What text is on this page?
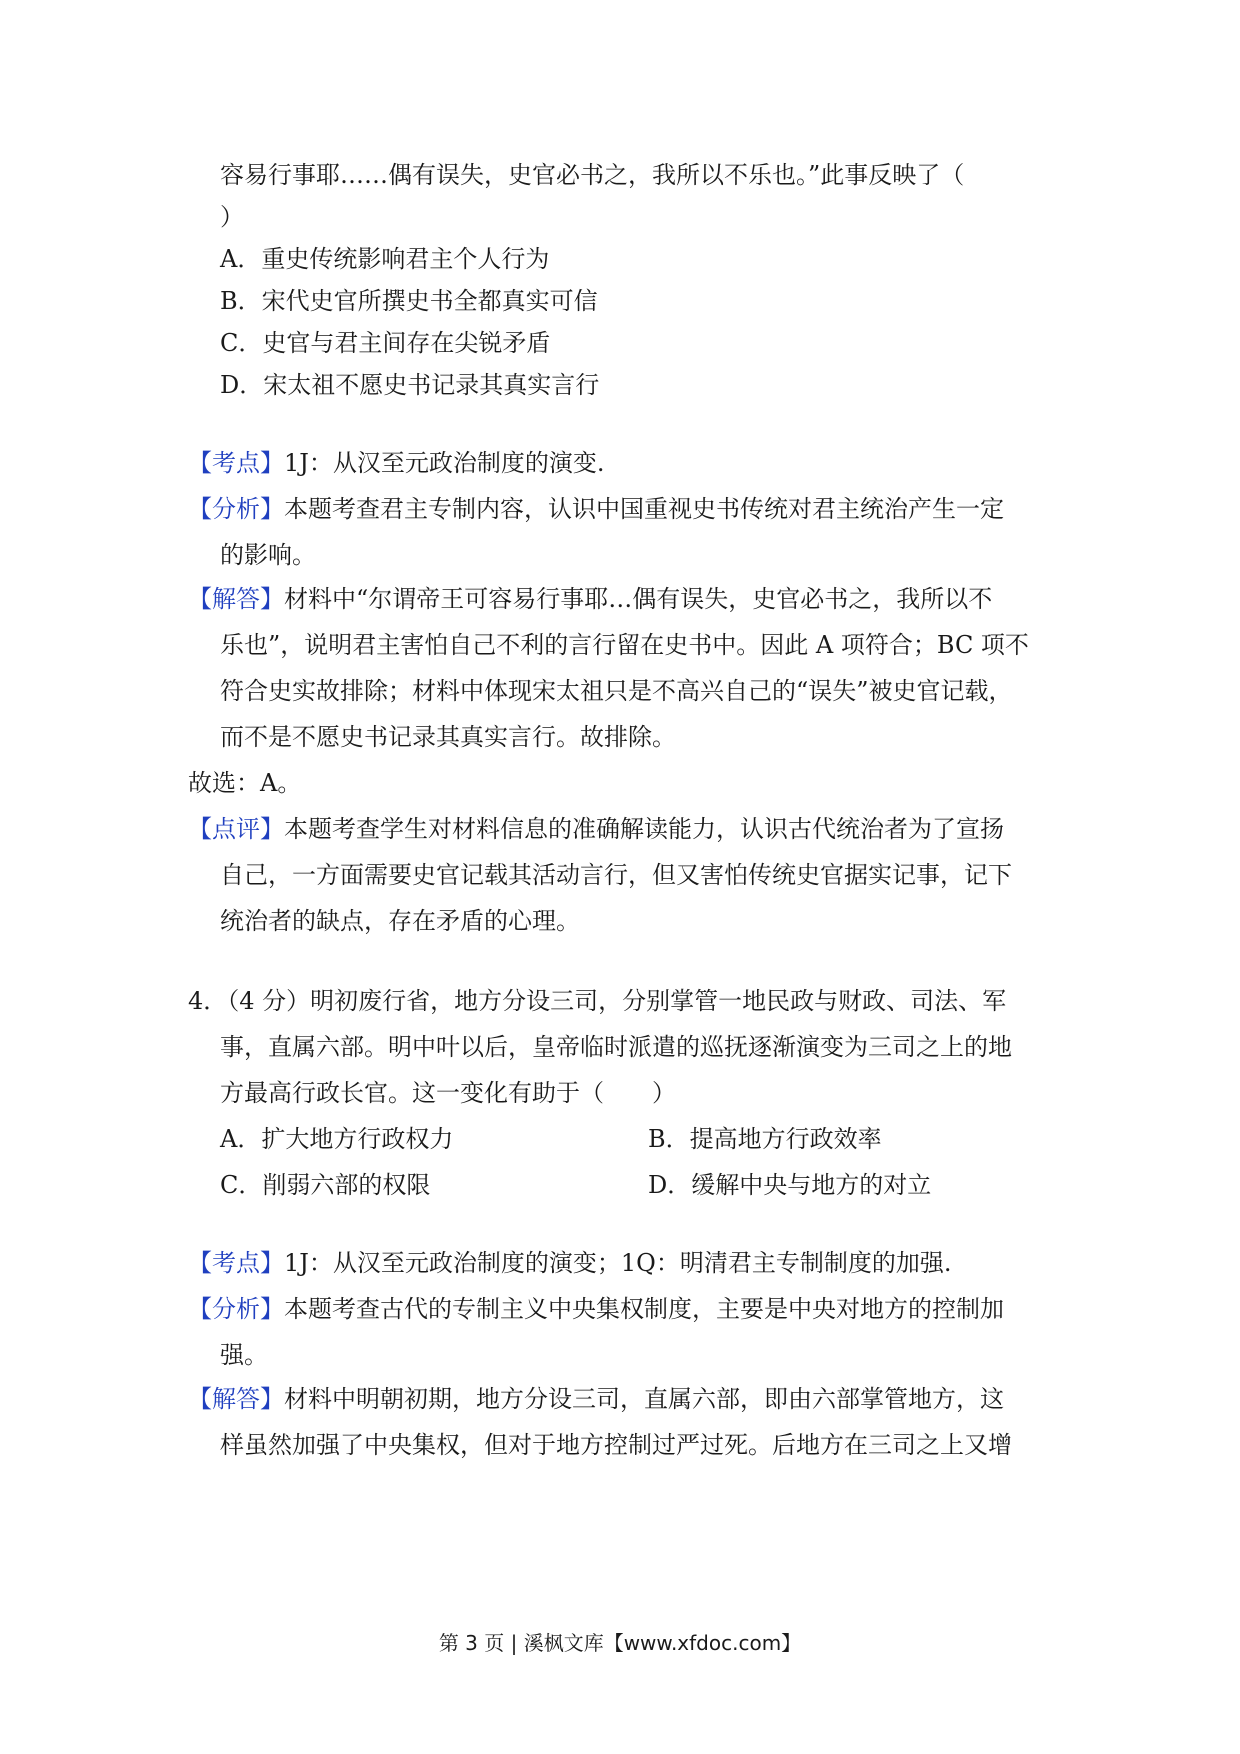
容易行事耶……偶有误失，史官必书之，我所以不乐也。”此事反映了（
）
A．重史传统影响君主个人行为
B．宋代史官所撰史书全都真实可信
C．史官与君主间存在尖锐矛盾
D．宋太祖不愿史书记录其真实言行
【考点】1J：从汉至元政治制度的演变.
【分析】本题考查君主专制内容，认识中国重视史书传统对君主统治产生一定
的影响。
【解答】材料中“尔谓帝王可容易行事耶…偶有误失，史官必书之，我所以不
乐也”，说明君主害怕自己不利的言行留在史书中。因此 A 项符合；BC 项不
符合史实故排除；材料中体现宋太祖只是不高兴自己的“误失”被史官记载，
而不是不愿史书记录其真实言行。故排除。
故选：A。
【点评】本题考查学生对材料信息的准确解读能力，认识古代统治者为了宣扬
自己，一方面需要史官记载其活动言行，但又害怕传统史官据实记事，记下
统治者的缺点，存在矛盾的心理。
4．（4 分）明初废行省，地方分设三司，分别掌管一地民政与财政、司法、军
事，直属六部。明中叶以后，皇帝临时派遣的巡抚逐渐演变为三司之上的地
方最高行政长官。这一变化有助于（　　）
A．扩大地方行政权力	B．提高地方行政效率
C．削弱六部的权限	D．缓解中央与地方的对立
【考点】1J：从汉至元政治制度的演变；1Q：明清君主专制制度的加强.
【分析】本题考查古代的专制主义中央集权制度，主要是中央对地方的控制加
强。
【解答】材料中明朝初期，地方分设三司，直属六部，即由六部掌管地方，这
样虽然加强了中央集权，但对于地方控制过严过死。后地方在三司之上又增
第 3 页 | 溪枫文库【www.xfdoc.com】
